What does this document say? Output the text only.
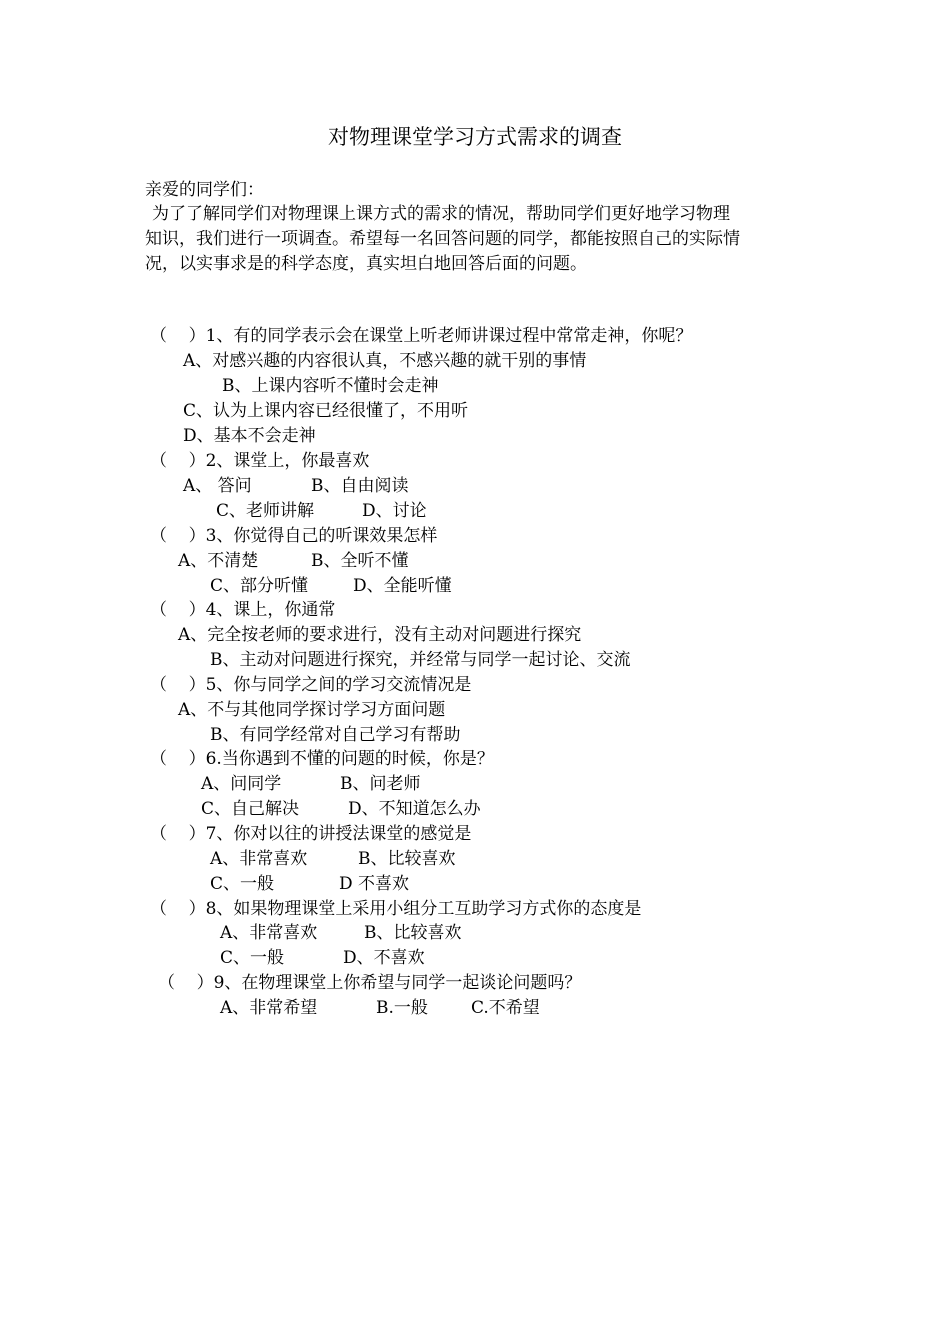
对物理课堂学习方式需求的调查
亲爱的同学们：
为了了解同学们对物理课上课方式的需求的情况，帮助同学们更好地学习物理
知识，我们进行一项调查。希望每一名回答问题的同学，都能按照自己的实际情
况，以实事求是的科学态度，真实坦白地回答后面的问题。
（    ）1、有的同学表示会在课堂上听老师讲课过程中常常走神，你呢？
A、对感兴趣的内容很认真，不感兴趣的就干别的事情
B、上课内容听不懂时会走神
C、认为上课内容已经很懂了，不用听
D、基本不会走神
（    ）2、课堂上，你最喜欢
A、 答问	B、自由阅读
C、老师讲解	D、讨论
（    ）3、你觉得自己的听课效果怎样
A、不清楚	B、全听不懂
C、部分听懂	D、全能听懂
（    ）4、课上，你通常
A、完全按老师的要求进行，没有主动对问题进行探究
B、主动对问题进行探究，并经常与同学一起讨论、交流
（    ）5、你与同学之间的学习交流情况是
A、不与其他同学探讨学习方面问题
B、有同学经常对自己学习有帮助
（    ）6.当你遇到不懂的问题的时候，你是？
A、问同学	B、问老师
C、自己解决	D、不知道怎么办
（    ）7、你对以往的讲授法课堂的感觉是
A、非常喜欢	B、比较喜欢
C、一般	D 不喜欢
（    ）8、如果物理课堂上采用小组分工互助学习方式你的态度是
A、非常喜欢	B、比较喜欢
C、一般	D、不喜欢
（    ）9、在物理课堂上你希望与同学一起谈论问题吗？
A、非常希望	B.一般	C.不希望
